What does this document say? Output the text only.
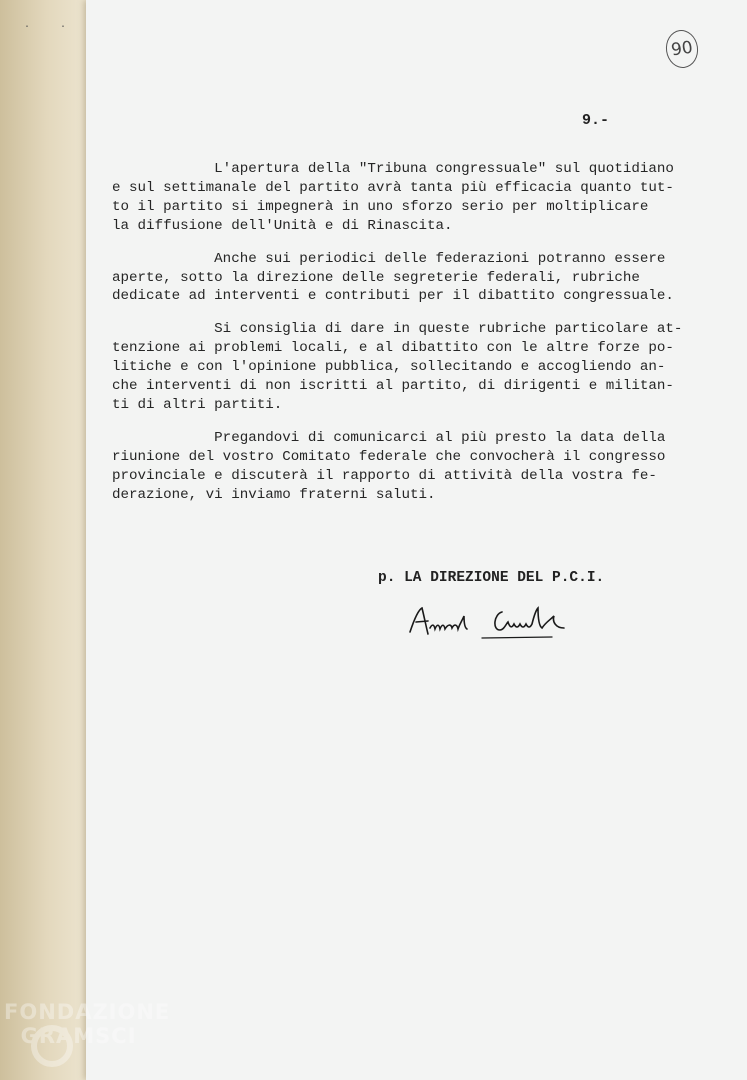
· ·
90
9.-
L'apertura della "Tribuna congressuale" sul quotidiano
e sul settimanale del partito avrà tanta più efficacia quanto tut-
to il partito si impegnerà in uno sforzo serio per moltiplicare
la diffusione dell'Unità e di Rinascita.
Anche sui periodici delle federazioni potranno essere
aperte, sotto la direzione delle segreterie federali, rubriche
dedicate ad interventi e contributi per il dibattito congressuale.
Si consiglia di dare in queste rubriche particolare at-
tenzione ai problemi locali, e al dibattito con le altre forze po-
litiche e con l'opinione pubblica, sollecitando e accogliendo an-
che interventi di non iscritti al partito, di dirigenti e militan-
ti di altri partiti.
Pregandovi di comunicarci al più presto la data della
riunione del vostro Comitato federale che convocherà il congresso
provinciale e discuterà il rapporto di attività della vostra fe-
derazione, vi inviamo fraterni saluti.
p. LA DIREZIONE DEL P.C.I.
FONDAZIONE
GRAMSCI
